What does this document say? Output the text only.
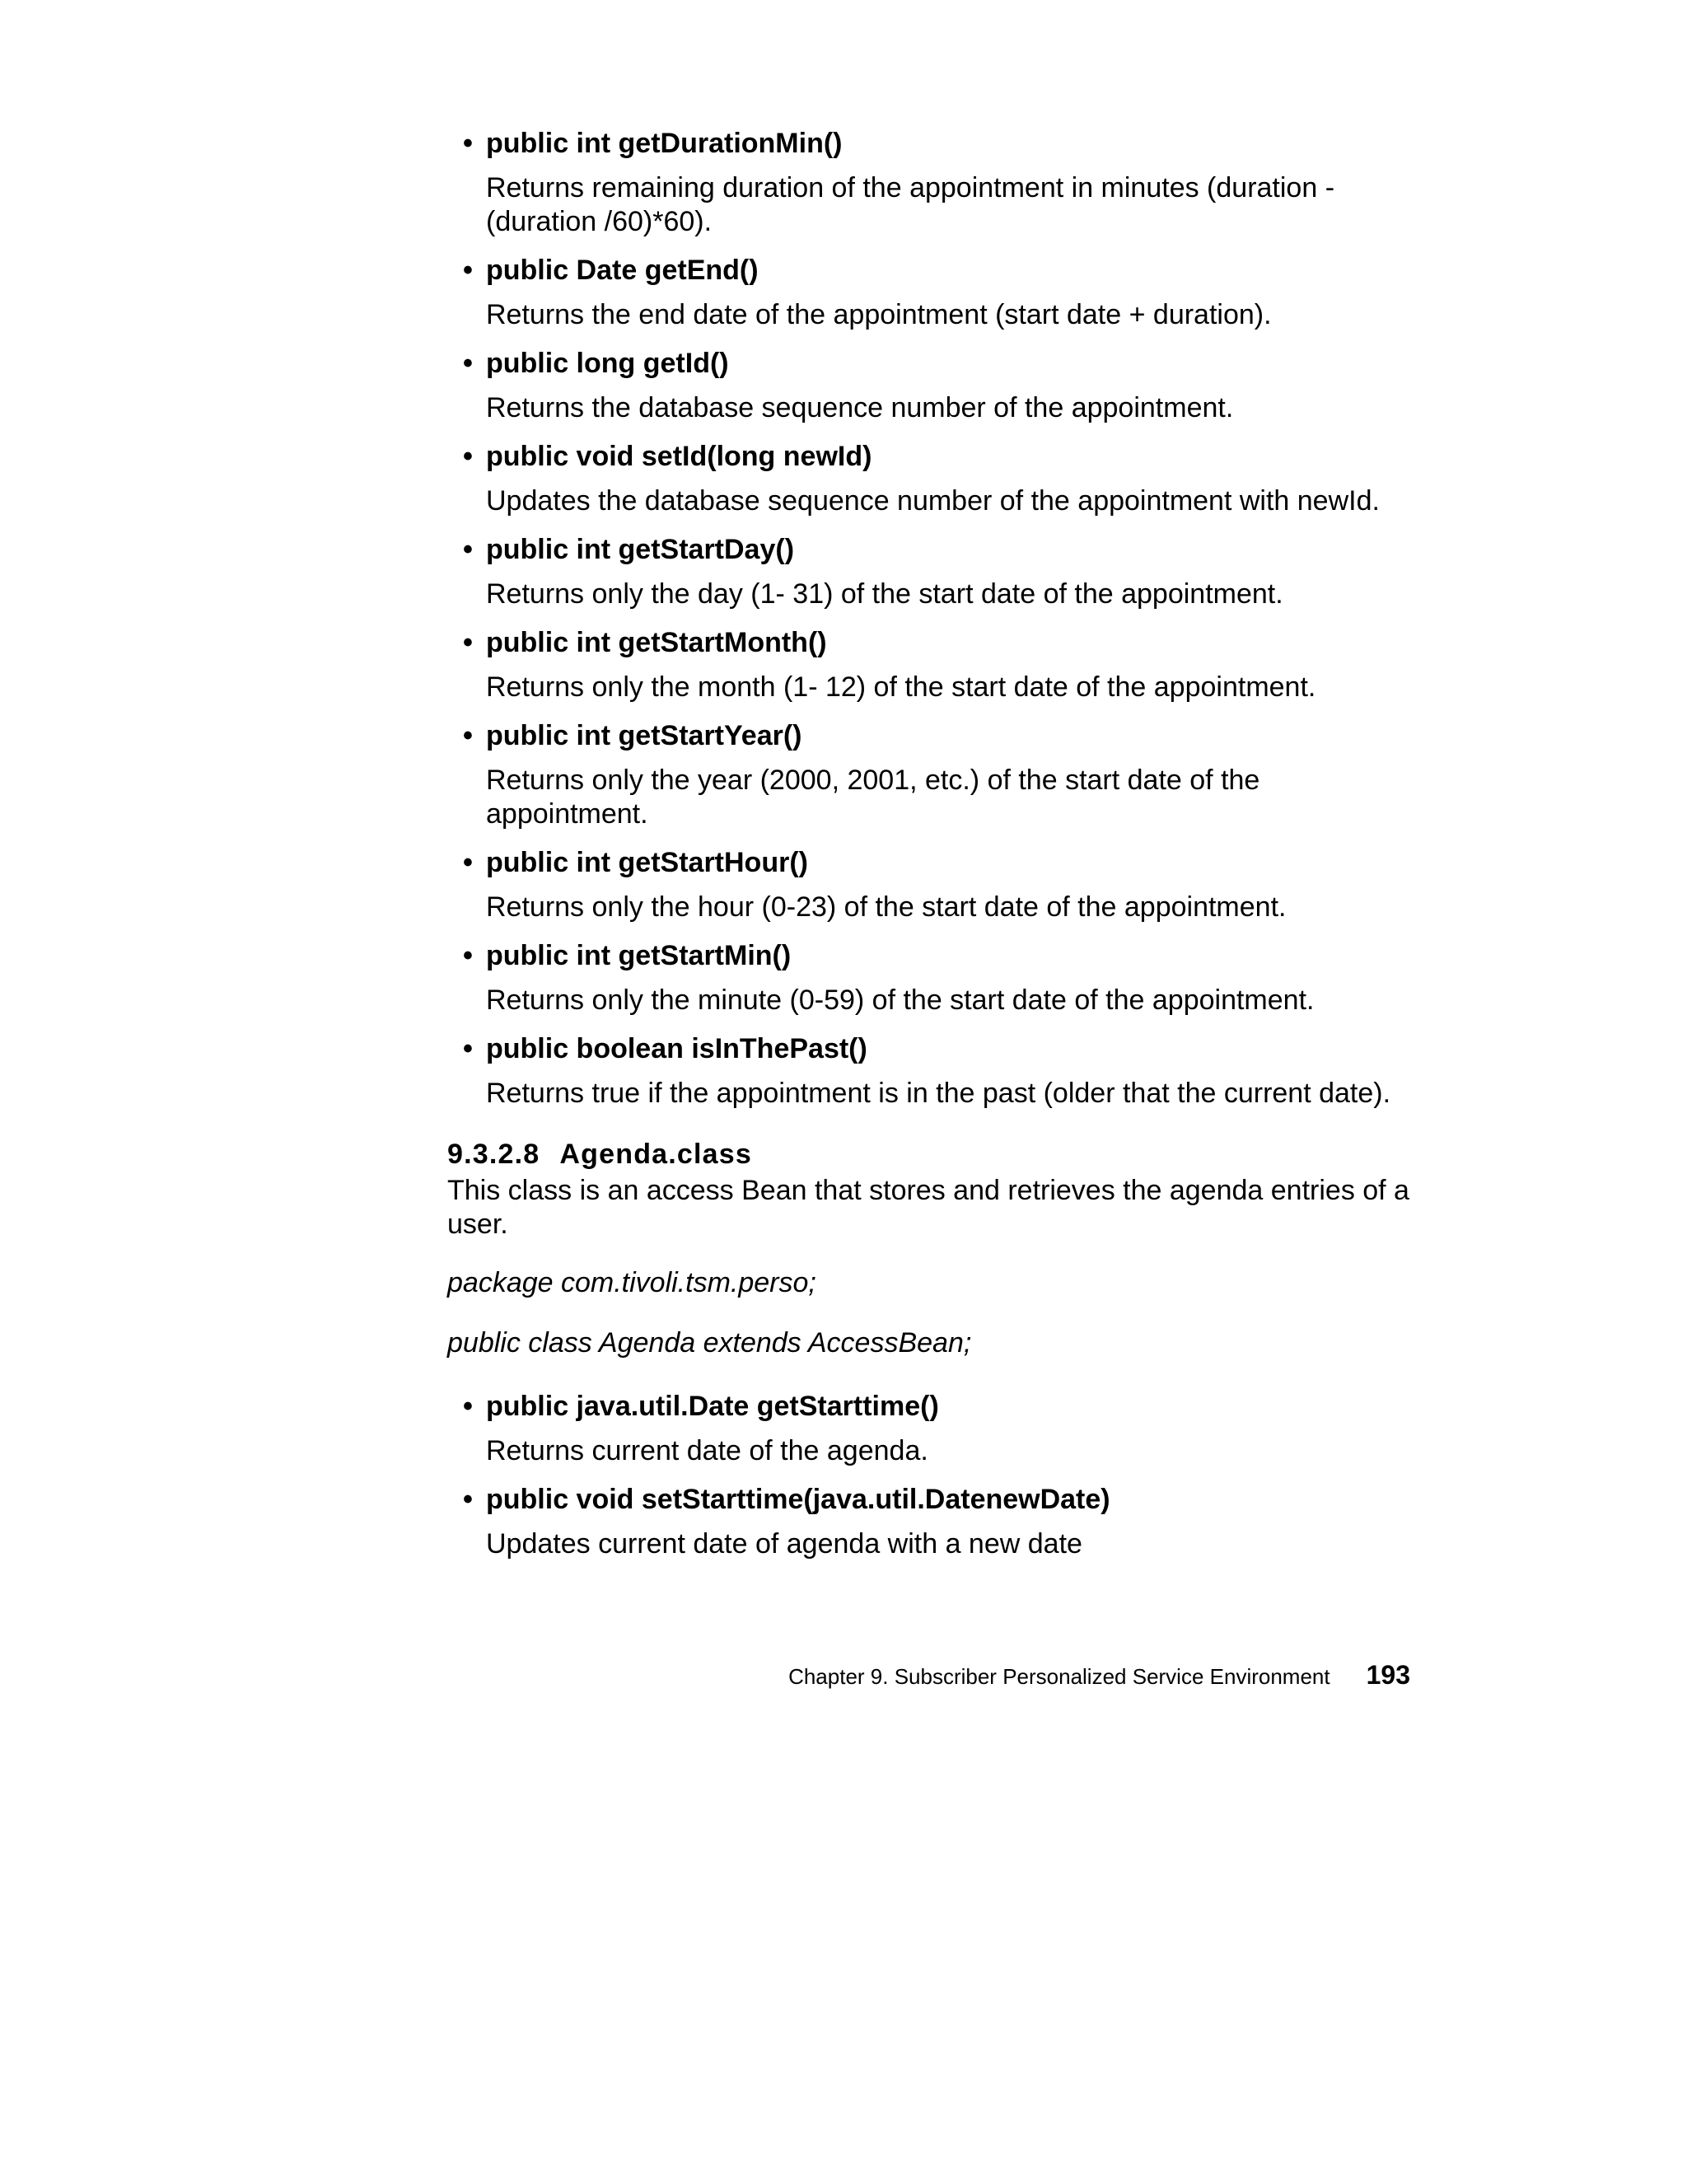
• public int getDurationMin()

Returns remaining duration of the appointment in minutes (duration - (duration /60)*60).

• public Date getEnd()

Returns the end date of the appointment (start date + duration).

• public long getId()

Returns the database sequence number of the appointment.

• public void setId(long newId)

Updates the database sequence number of the appointment with newId.

• public int getStartDay()

Returns only the day (1- 31) of the start date of the appointment.

• public int getStartMonth()

Returns only the month (1- 12) of the start date of the appointment.

• public int getStartYear()

Returns only the year (2000, 2001, etc.) of the start date of the appointment.

• public int getStartHour()

Returns only the hour (0-23) of the start date of the appointment.

• public int getStartMin()

Returns only the minute (0-59) of the start date of the appointment.

• public boolean isInThePast()

Returns true if the appointment is in the past (older that the current date).

9.3.2.8 Agenda.class

This class is an access Bean that stores and retrieves the agenda entries of a user.

package com.tivoli.tsm.perso;

public class Agenda extends AccessBean;

• public java.util.Date getStarttime()

Returns current date of the agenda.

• public void setStarttime(java.util.DatenewDate)

Updates current date of agenda with a new date

Chapter 9. Subscriber Personalized Service Environment 193
